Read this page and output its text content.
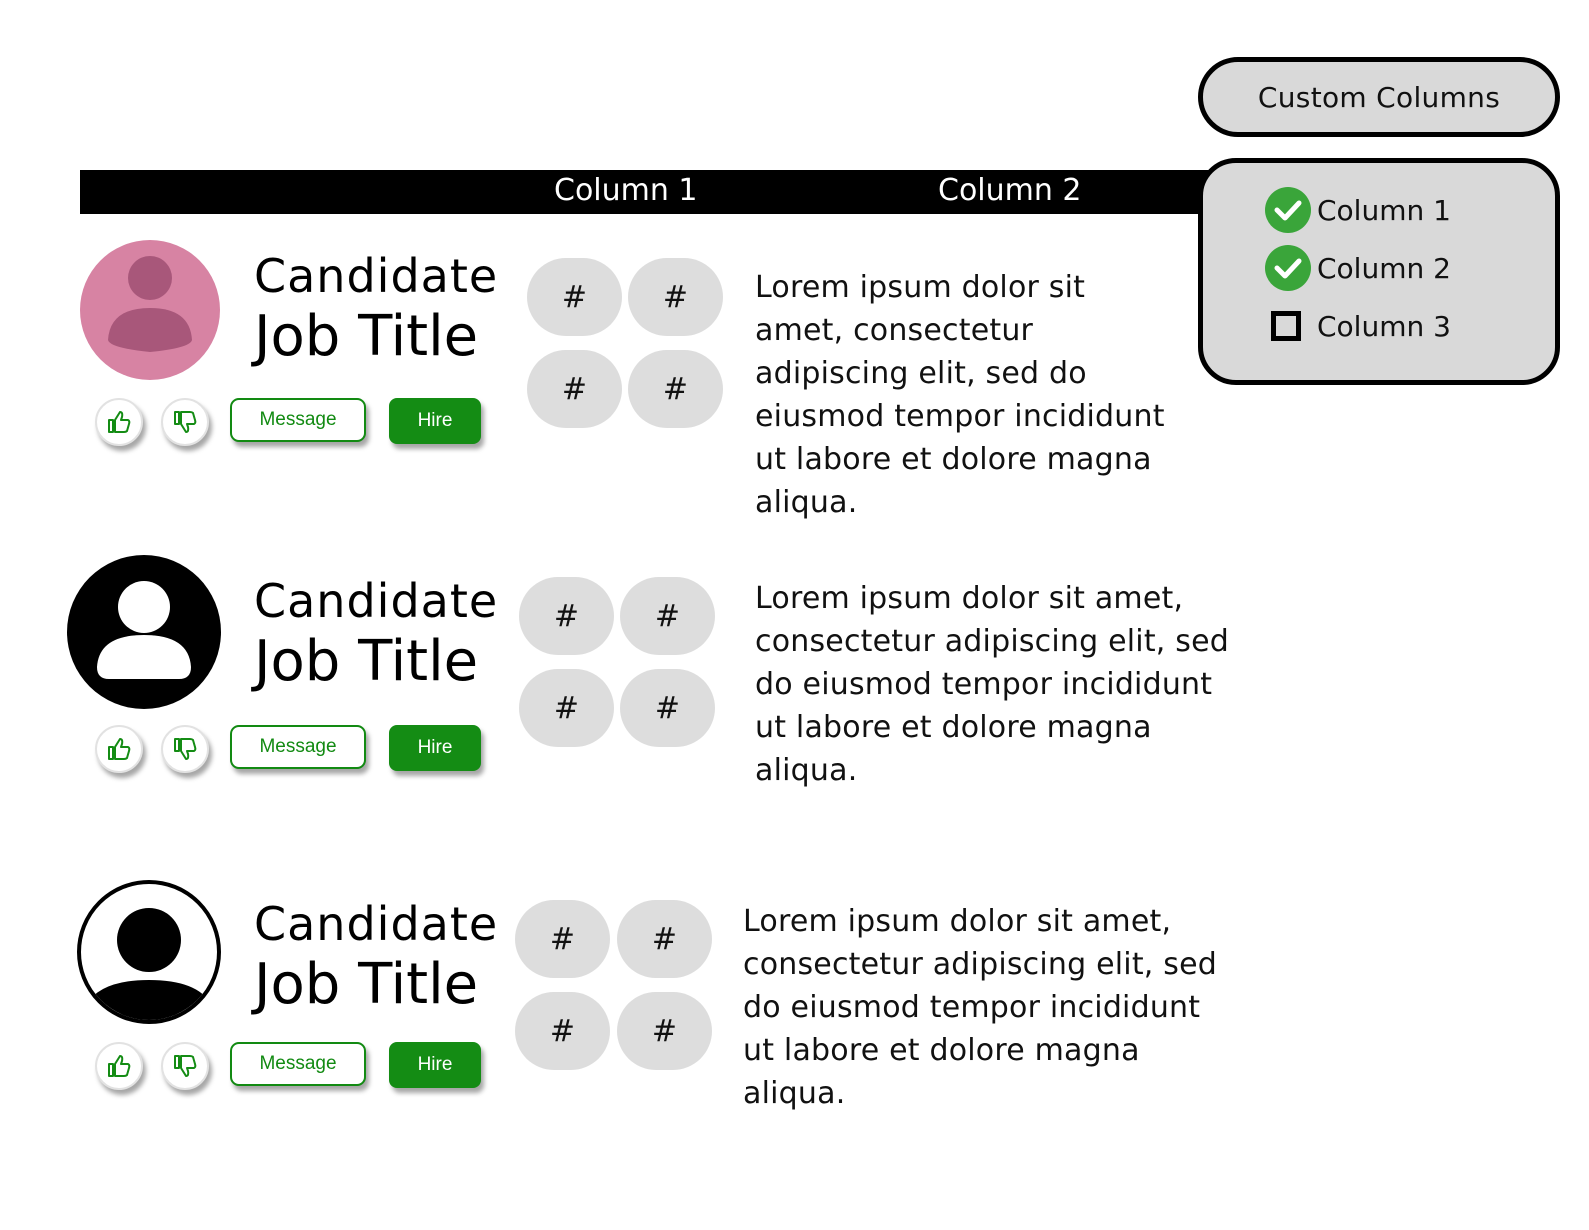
Custom Columns
Column 1	Column 2
Column 1
Column 2
Column 3
Candidate
Job Title
Message	Hire
#	#
#	#
Lorem ipsum dolor sit amet, consectetur adipiscing elit, sed do eiusmod tempor incididunt ut labore et dolore magna aliqua.
Candidate
Job Title
Message	Hire
#	#
#	#
Lorem ipsum dolor sit amet, consectetur adipiscing elit, sed do eiusmod tempor incididunt ut labore et dolore magna aliqua.
Candidate
Job Title
Message	Hire
#	#
#	#
Lorem ipsum dolor sit amet, consectetur adipiscing elit, sed do eiusmod tempor incididunt ut labore et dolore magna aliqua.
